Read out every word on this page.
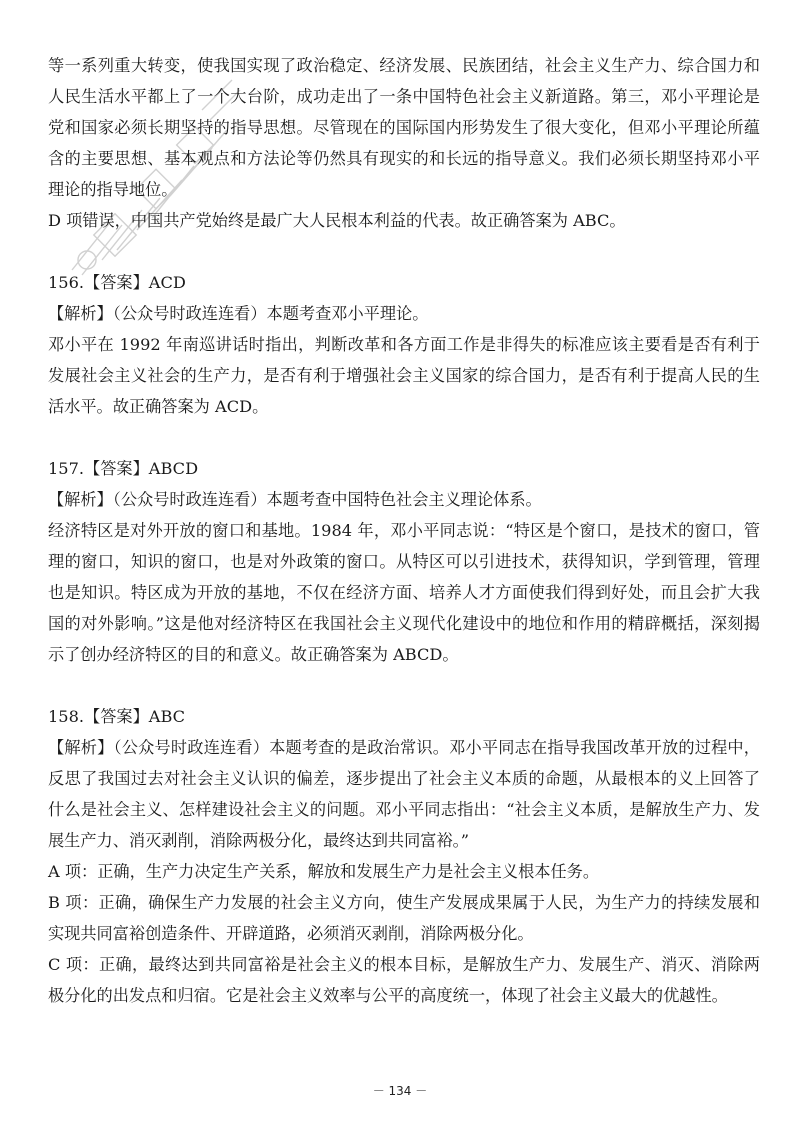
等一系列重大转变，使我国实现了政治稳定、经济发展、民族团结，社会主义生产力、综合国力和人民生活水平都上了一个大台阶，成功走出了一条中国特色社会主义新道路。第三，邓小平理论是党和国家必须长期坚持的指导思想。尽管现在的国际国内形势发生了很大变化，但邓小平理论所蕴含的主要思想、基本观点和方法论等仍然具有现实的和长远的指导意义。我们必须长期坚持邓小平理论的指导地位。

D 项错误，中国共产党始终是最广大人民根本利益的代表。故正确答案为 ABC。

156.【答案】ACD

【解析】（公众号时政连连看）本题考查邓小平理论。

邓小平在 1992 年南巡讲话时指出，判断改革和各方面工作是非得失的标准应该主要看是否有利于发展社会主义社会的生产力，是否有利于增强社会主义国家的综合国力，是否有利于提高人民的生活水平。故正确答案为 ACD。

157.【答案】ABCD

【解析】（公众号时政连连看）本题考查中国特色社会主义理论体系。

经济特区是对外开放的窗口和基地。1984 年，邓小平同志说：“特区是个窗口，是技术的窗口，管理的窗口，知识的窗口，也是对外政策的窗口。从特区可以引进技术，获得知识，学到管理，管理也是知识。特区成为开放的基地，不仅在经济方面、培养人才方面使我们得到好处，而且会扩大我国的对外影响。”这是他对经济特区在我国社会主义现代化建设中的地位和作用的精辟概括，深刻揭示了创办经济特区的目的和意义。故正确答案为 ABCD。

158.【答案】ABC

【解析】（公众号时政连连看）本题考查的是政治常识。邓小平同志在指导我国改革开放的过程中，反思了我国过去对社会主义认识的偏差，逐步提出了社会主义本质的命题，从最根本的义上回答了什么是社会主义、怎样建设社会主义的问题。邓小平同志指出：“社会主义本质，是解放生产力、发展生产力、消灭剥削，消除两极分化，最终达到共同富裕。”

A 项：正确，生产力决定生产关系，解放和发展生产力是社会主义根本任务。

B 项：正确，确保生产力发展的社会主义方向，使生产发展成果属于人民，为生产力的持续发展和实现共同富裕创造条件、开辟道路，必须消灭剥削，消除两极分化。

C 项：正确，最终达到共同富裕是社会主义的根本目标，是解放生产力、发展生产、消灭、消除两极分化的出发点和归宿。它是社会主义效率与公平的高度统一，体现了社会主义最大的优越性。

－ 134 －
